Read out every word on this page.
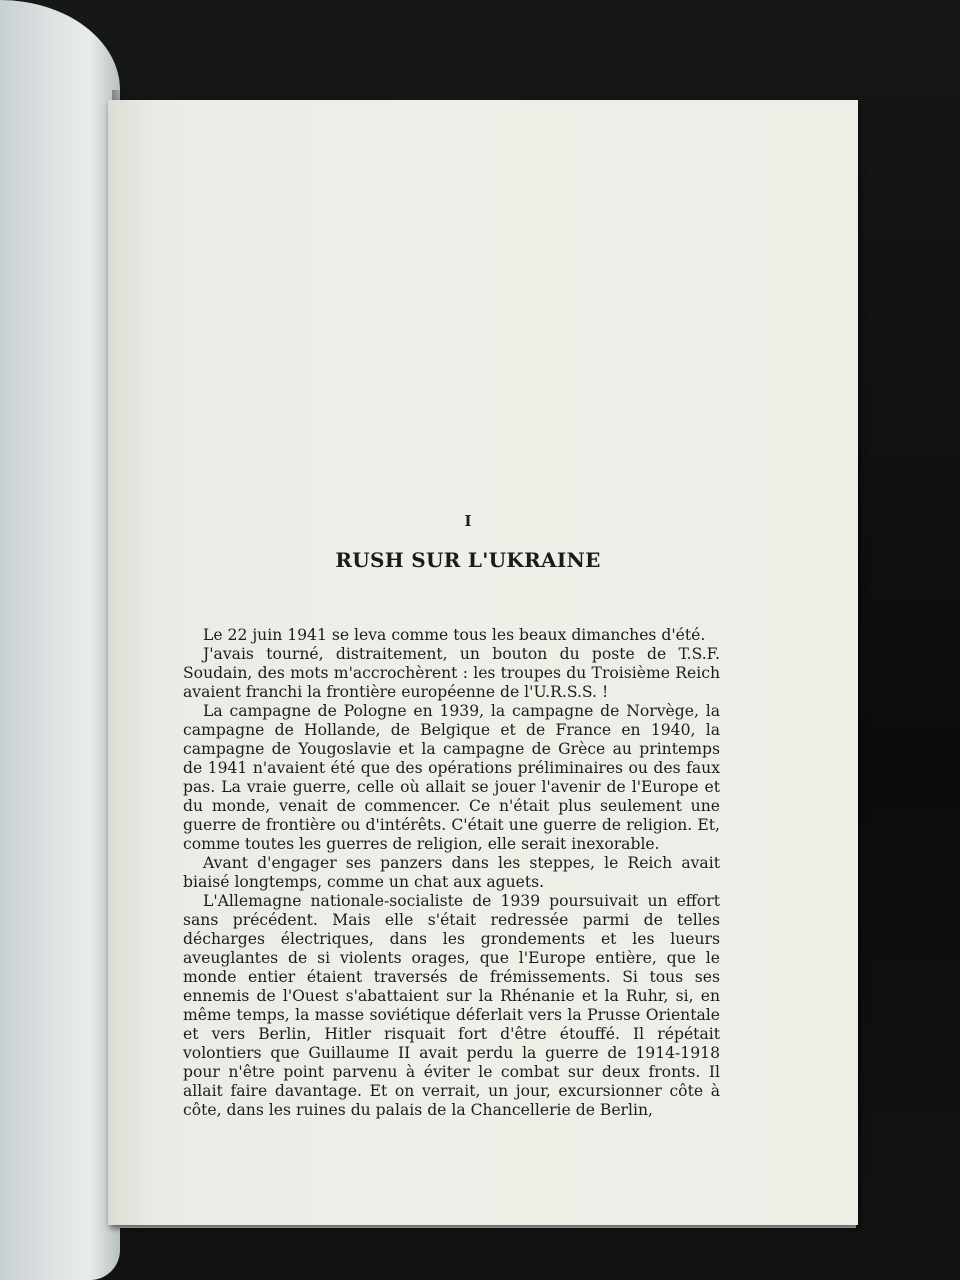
I
RUSH SUR L'UKRAINE

Le 22 juin 1941 se leva comme tous les beaux dimanches d'été.

J'avais tourné, distraitement, un bouton du poste de T.S.F. Soudain, des mots m'accrochèrent : les troupes du Troisième Reich avaient franchi la frontière européenne de l'U.R.S.S. !

La campagne de Pologne en 1939, la campagne de Norvège, la campagne de Hollande, de Belgique et de France en 1940, la campagne de Yougoslavie et la campagne de Grèce au printemps de 1941 n'avaient été que des opérations préliminaires ou des faux pas. La vraie guerre, celle où allait se jouer l'avenir de l'Europe et du monde, venait de commencer. Ce n'était plus seulement une guerre de frontière ou d'intérêts. C'était une guerre de religion. Et, comme toutes les guerres de religion, elle serait inexorable.

Avant d'engager ses panzers dans les steppes, le Reich avait biaisé longtemps, comme un chat aux aguets.

L'Allemagne nationale-socialiste de 1939 poursuivait un effort sans précédent. Mais elle s'était redressée parmi de telles décharges électriques, dans les grondements et les lueurs aveuglantes de si violents orages, que l'Europe entière, que le monde entier étaient traversés de frémissements. Si tous ses ennemis de l'Ouest s'abattaient sur la Rhénanie et la Ruhr, si, en même temps, la masse soviétique déferlait vers la Prusse Orientale et vers Berlin, Hitler risquait fort d'être étouffé. Il répétait volontiers que Guillaume II avait perdu la guerre de 1914-1918 pour n'être point parvenu à éviter le combat sur deux fronts. Il allait faire davantage. Et on verrait, un jour, excursionner côte à côte, dans les ruines du palais de la Chancellerie de Berlin,
